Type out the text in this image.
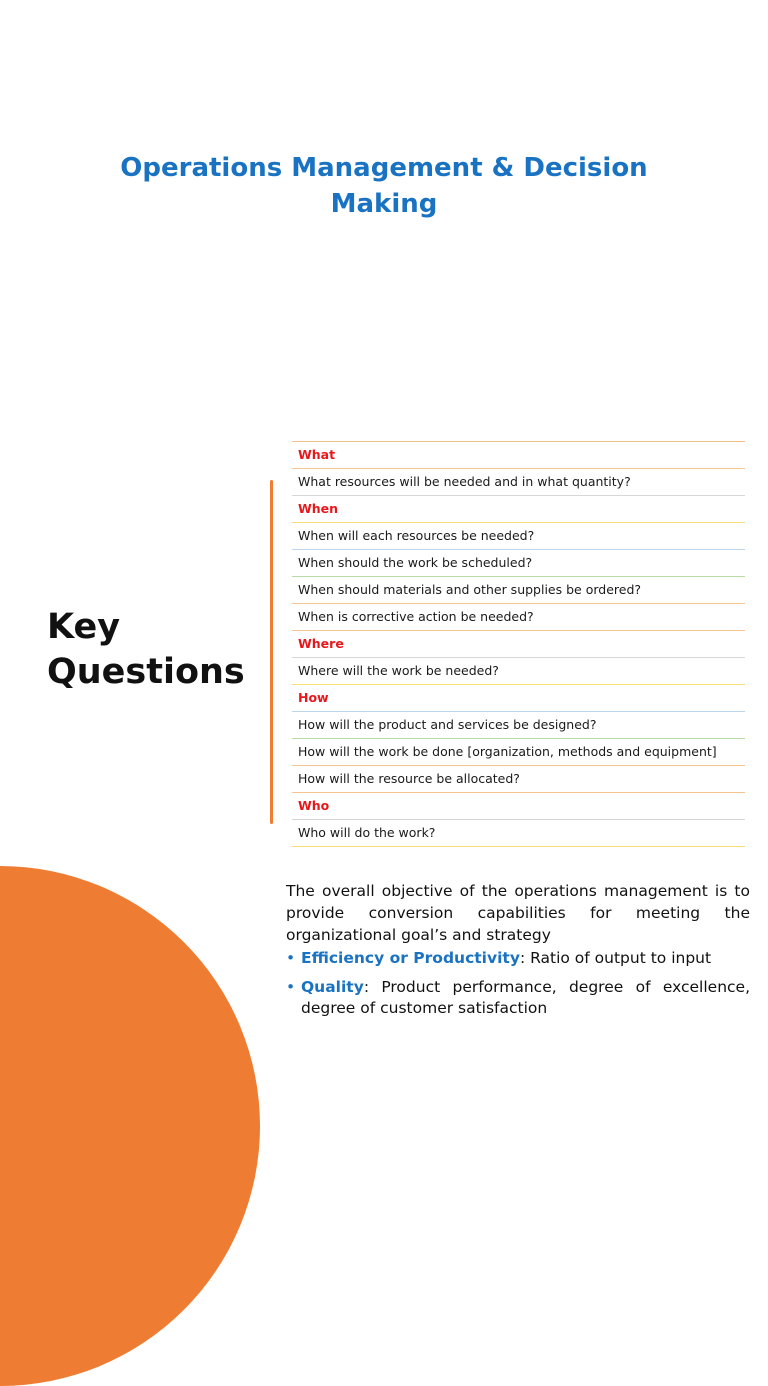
Operations Management & Decision
Making
Key
Questions
What
What resources will be needed and in what quantity?
When
When will each resources be needed?
When should the work be scheduled?
When should materials and other supplies be ordered?
When is corrective action be needed?
Where
Where will the work be needed?
How
How will the product and services be designed?
How will the work be done [organization, methods and equipment]
How will the resource be allocated?
Who
Who will do the work?
The overall objective of the operations management is to provide conversion capabilities for meeting the organizational goal’s and strategy
• Efficiency or Productivity: Ratio of output to input
• Quality: Product performance, degree of excellence, degree of customer satisfaction
